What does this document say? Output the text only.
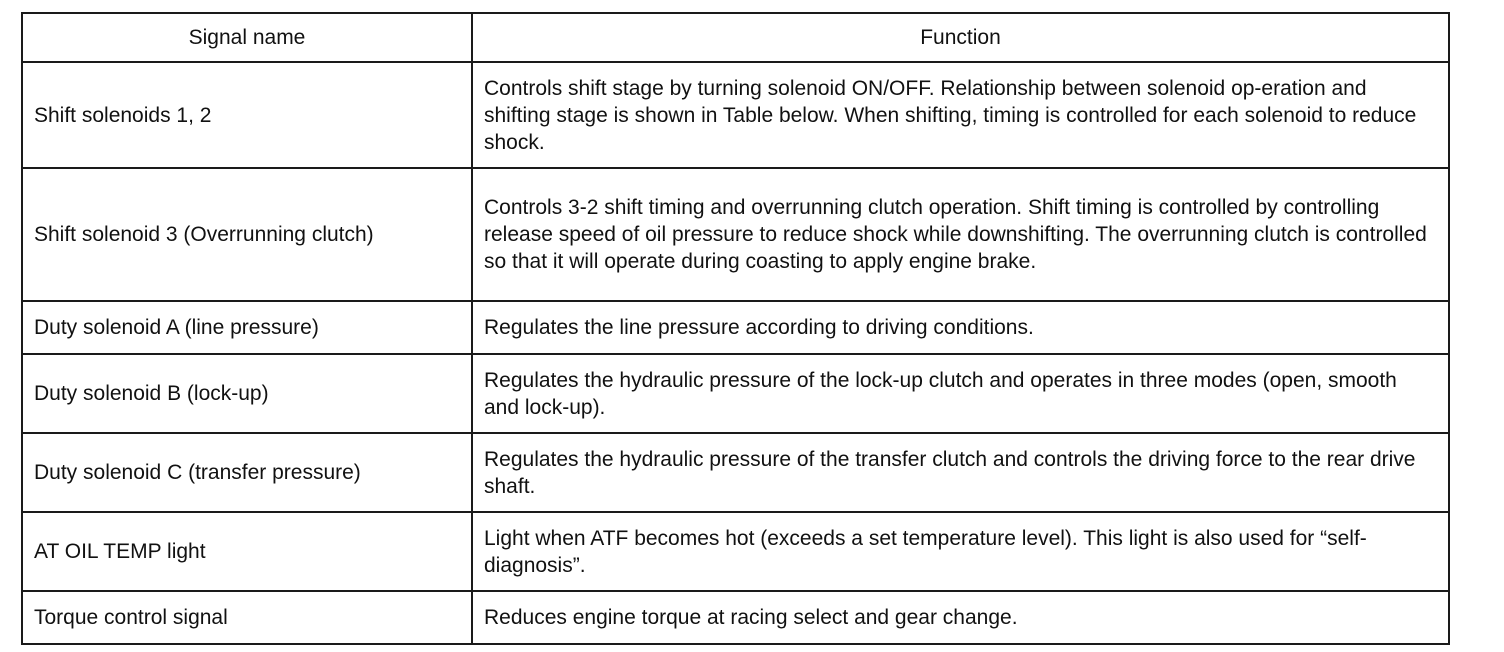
Signal name	Function
Shift solenoids 1, 2	Controls shift stage by turning solenoid ON/OFF. Relationship between solenoid op-eration and shifting stage is shown in Table below. When shifting, timing is controlled for each solenoid to reduce shock.
Shift solenoid 3 (Overrunning clutch)	Controls 3-2 shift timing and overrunning clutch operation. Shift timing is controlled by controlling release speed of oil pressure to reduce shock while downshifting. The overrunning clutch is controlled so that it will operate during coasting to apply engine brake.
Duty solenoid A (line pressure)	Regulates the line pressure according to driving conditions.
Duty solenoid B (lock-up)	Regulates the hydraulic pressure of the lock-up clutch and operates in three modes (open, smooth and lock-up).
Duty solenoid C (transfer pressure)	Regulates the hydraulic pressure of the transfer clutch and controls the driving force to the rear drive shaft.
AT OIL TEMP light	Light when ATF becomes hot (exceeds a set temperature level). This light is also used for “self-diagnosis”.
Torque control signal	Reduces engine torque at racing select and gear change.
